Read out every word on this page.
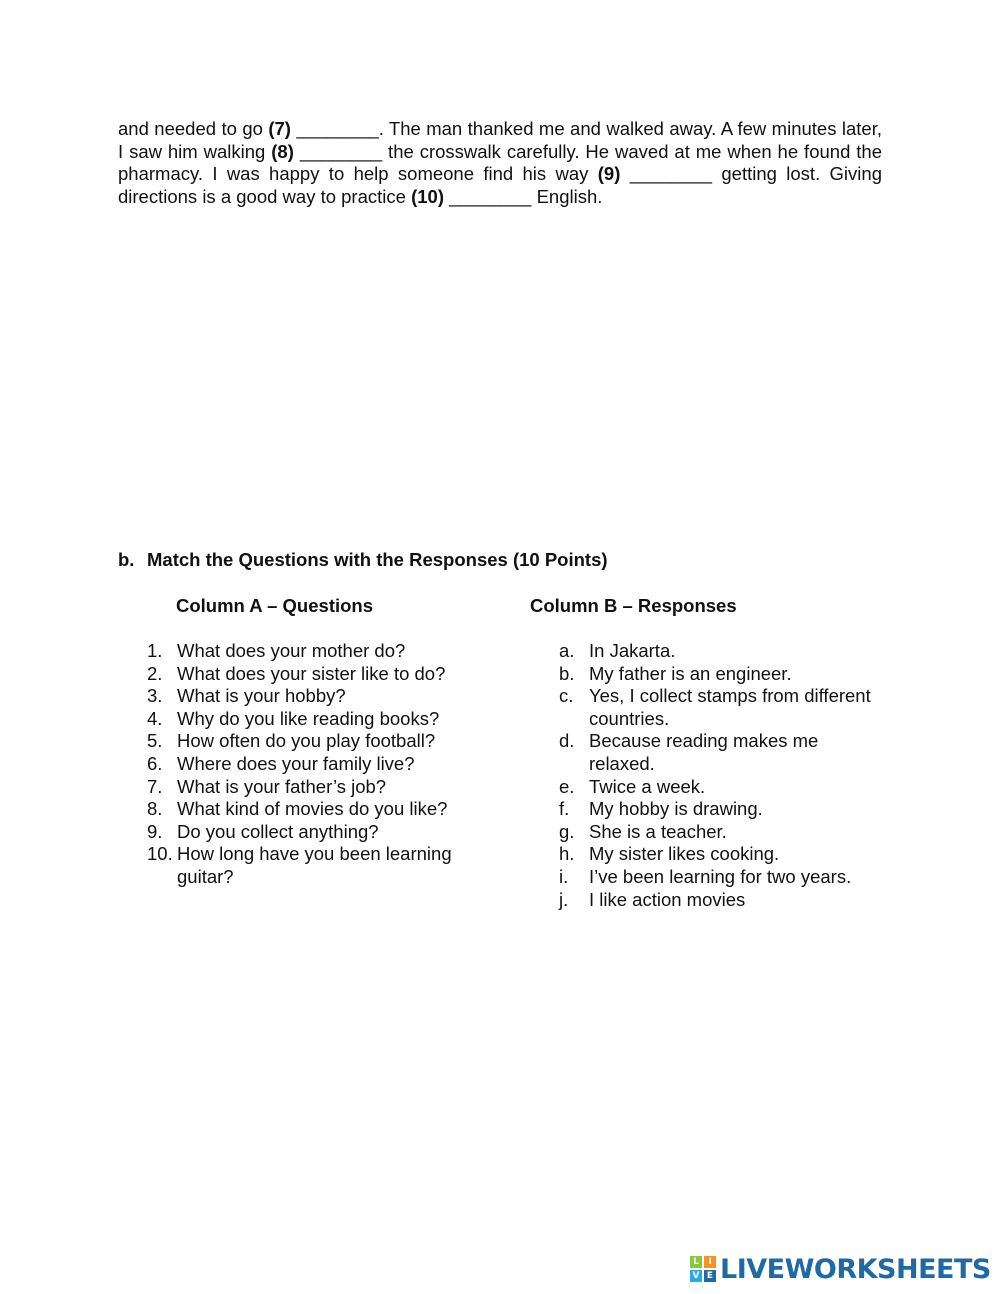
and needed to go (7) ________. The man thanked me and walked away. A few minutes later, I saw him walking (8) ________ the crosswalk carefully. He waved at me when he found the pharmacy. I was happy to help someone find his way (9) ________ getting lost. Giving directions is a good way to practice (10) ________ English.
b. Match the Questions with the Responses (10 Points)
Column A – Questions	Column B – Responses
1. What does your mother do?
2. What does your sister like to do?
3. What is your hobby?
4. Why do you like reading books?
5. How often do you play football?
6. Where does your family live?
7. What is your father’s job?
8. What kind of movies do you like?
9. Do you collect anything?
10. How long have you been learning guitar?
a. In Jakarta.
b. My father is an engineer.
c. Yes, I collect stamps from different countries.
d. Because reading makes me relaxed.
e. Twice a week.
f. My hobby is drawing.
g. She is a teacher.
h. My sister likes cooking.
i. I’ve been learning for two years.
j. I like action movies
L	I
V E LIVEWORKSHEETS
